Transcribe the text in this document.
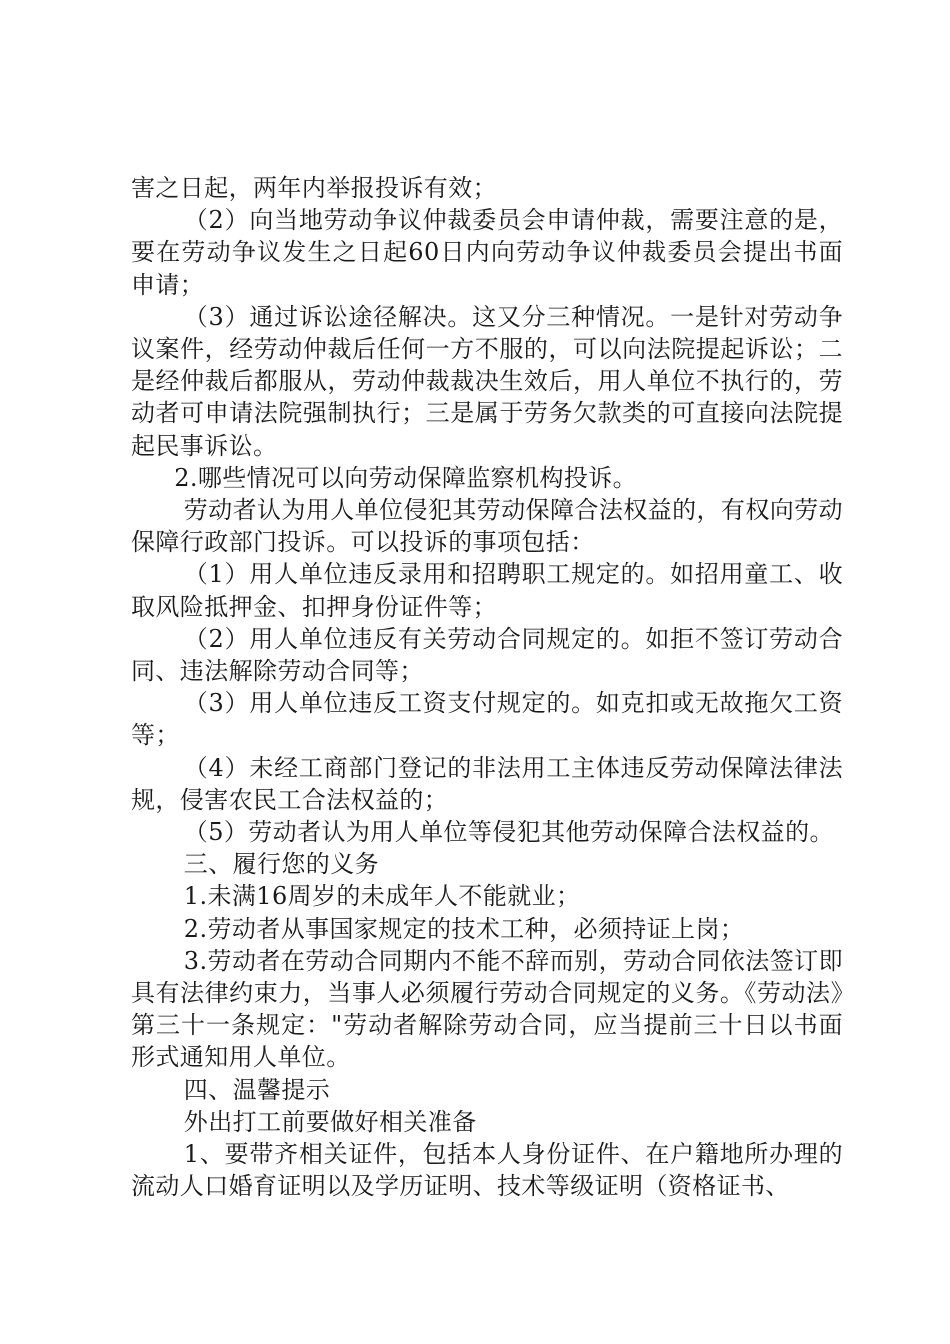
害之日起，两年内举报投诉有效；

（2）向当地劳动争议仲裁委员会申请仲裁，需要注意的是，要在劳动争议发生之日起60日内向劳动争议仲裁委员会提出书面申请；

（3）通过诉讼途径解决。这又分三种情况。一是针对劳动争议案件，经劳动仲裁后任何一方不服的，可以向法院提起诉讼；二是经仲裁后都服从，劳动仲裁裁决生效后，用人单位不执行的，劳动者可申请法院强制执行；三是属于劳务欠款类的可直接向法院提起民事诉讼。

2.哪些情况可以向劳动保障监察机构投诉。

劳动者认为用人单位侵犯其劳动保障合法权益的，有权向劳动保障行政部门投诉。可以投诉的事项包括：

（1）用人单位违反录用和招聘职工规定的。如招用童工、收取风险抵押金、扣押身份证件等；

（2）用人单位违反有关劳动合同规定的。如拒不签订劳动合同、违法解除劳动合同等；

（3）用人单位违反工资支付规定的。如克扣或无故拖欠工资等；

（4）未经工商部门登记的非法用工主体违反劳动保障法律法规，侵害农民工合法权益的；

（5）劳动者认为用人单位等侵犯其他劳动保障合法权益的。

三、履行您的义务

1.未满16周岁的未成年人不能就业；

2.劳动者从事国家规定的技术工种，必须持证上岗；

3.劳动者在劳动合同期内不能不辞而别，劳动合同依法签订即具有法律约束力，当事人必须履行劳动合同规定的义务。《劳动法》第三十一条规定："劳动者解除劳动合同，应当提前三十日以书面形式通知用人单位。

四、温馨提示

外出打工前要做好相关准备

1、要带齐相关证件，包括本人身份证件、在户籍地所办理的流动人口婚育证明以及学历证明、技术等级证明（资格证书、
